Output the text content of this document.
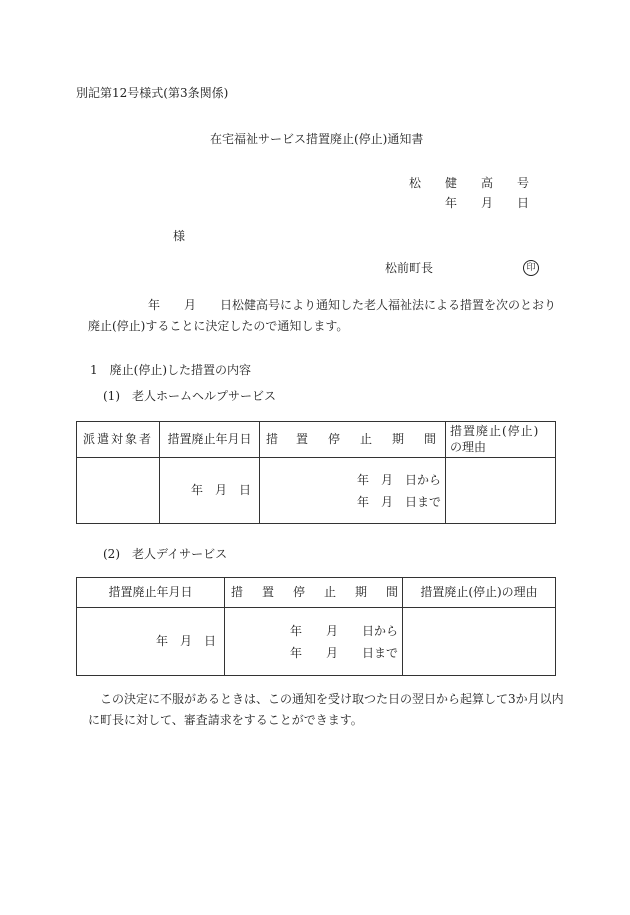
別記第12号様式(第3条関係)
在宅福祉サービス措置廃止(停止)通知書
松 健 高 号
年 月 日
様
松前町長	印
年　　月　　日松健高号により通知した老人福祉法による措置を次のとおり
廃止(停止)することに決定したので通知します。
1　廃止(停止)した措置の内容
(1)　老人ホームヘルプサービス
派遣対象者	措置廃止年月日	措 置 停 止 期 間	措置廃止(停止)
の理由

	年　月　日	年　月　日から
年　月　日まで	

(2)　老人デイサービス
措置廃止年月日	措 置 停 止 期 間	措置廃止(停止)の理由
年　月　日	年　　月　　日から
年　　月　　日まで	

この決定に不服があるときは、この通知を受け取つた日の翌日から起算して3か月以内
に町長に対して、審査請求をすることができます。
